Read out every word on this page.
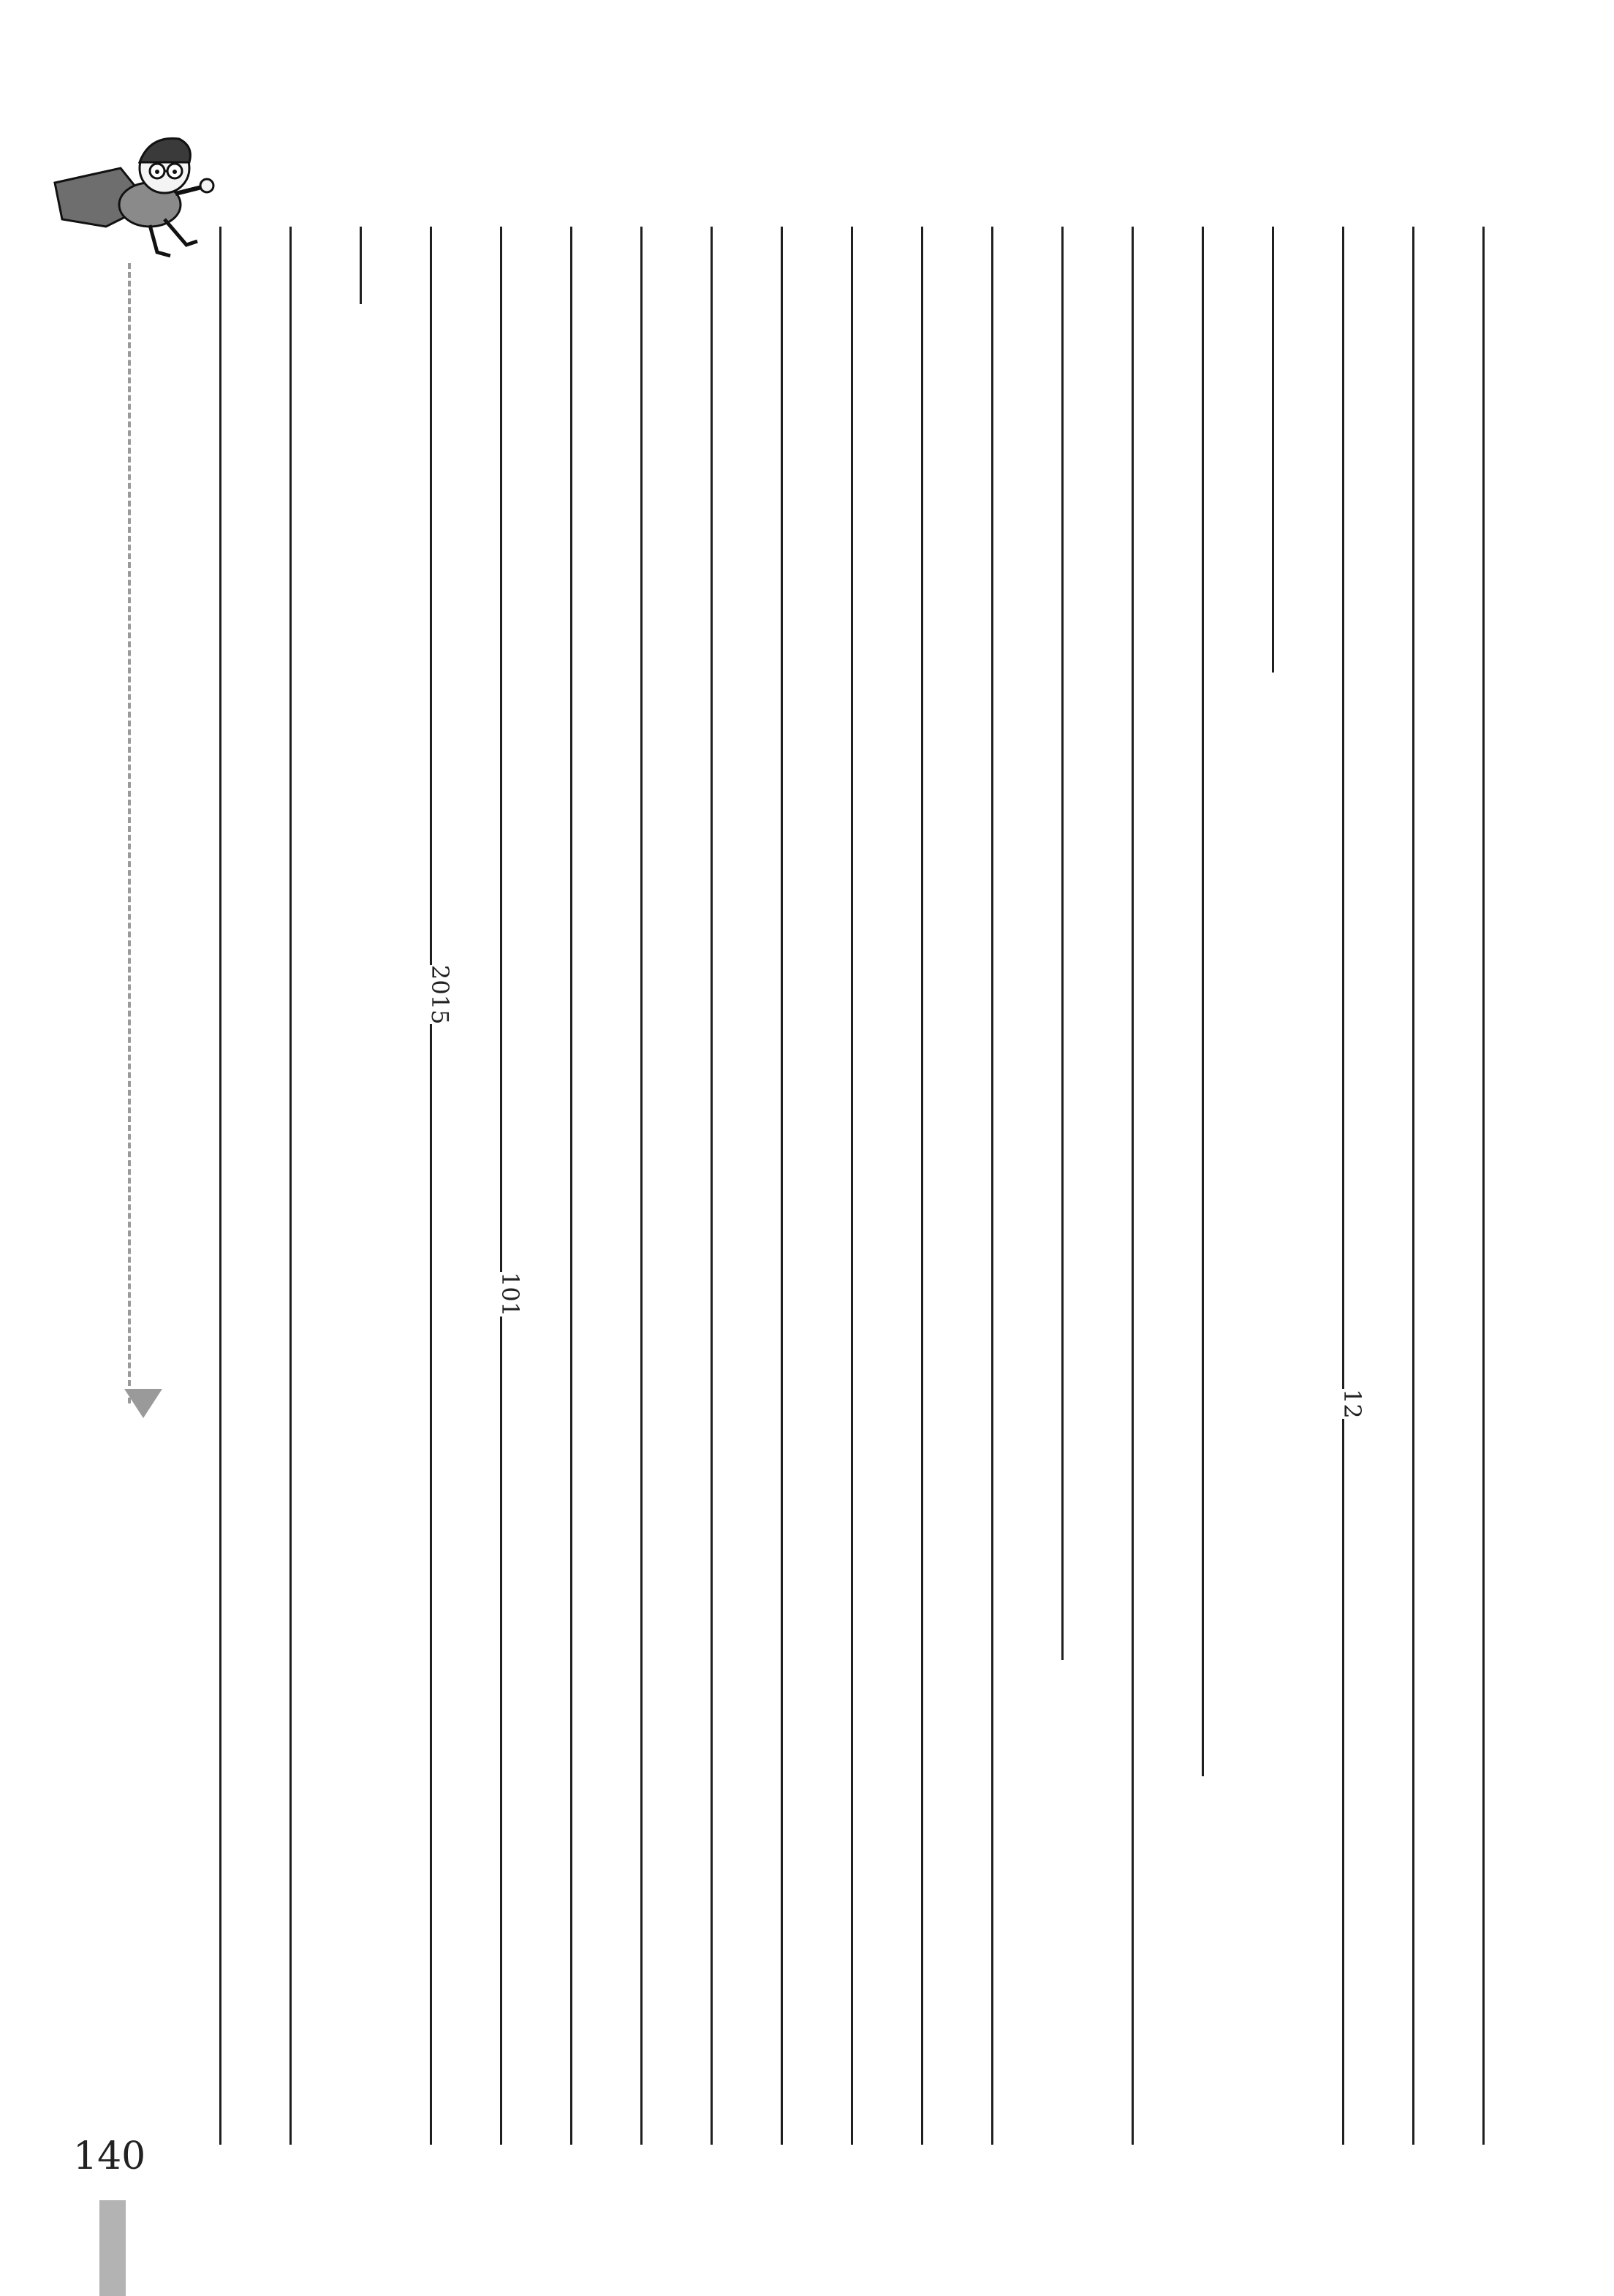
2015
101
12
140
